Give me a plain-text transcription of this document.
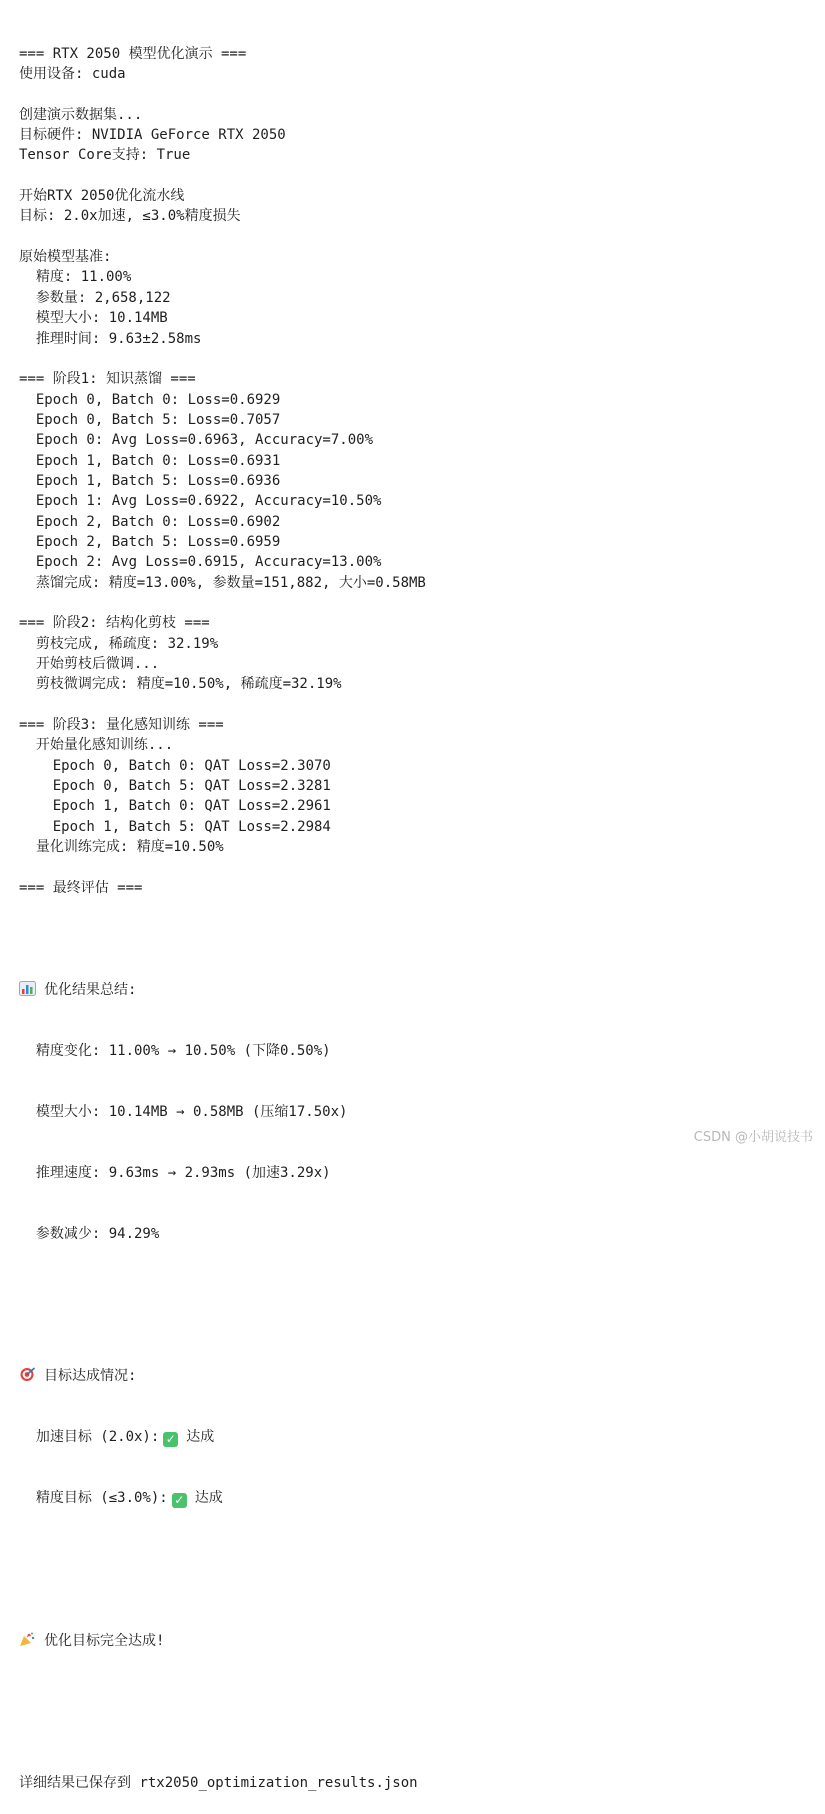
=== RTX 2050 模型优化演示 ===
使用设备: cuda
创建演示数据集...
目标硬件: NVIDIA GeForce RTX 2050
Tensor Core支持: True
开始RTX 2050优化流水线
目标: 2.0x加速, ≤3.0%精度损失
原始模型基准:
精度: 11.00%
参数量: 2,658,122
模型大小: 10.14MB
推理时间: 9.63±2.58ms
=== 阶段1: 知识蒸馏 ===
Epoch 0, Batch 0: Loss=0.6929
Epoch 0, Batch 5: Loss=0.7057
Epoch 0: Avg Loss=0.6963, Accuracy=7.00%
Epoch 1, Batch 0: Loss=0.6931
Epoch 1, Batch 5: Loss=0.6936
Epoch 1: Avg Loss=0.6922, Accuracy=10.50%
Epoch 2, Batch 0: Loss=0.6902
Epoch 2, Batch 5: Loss=0.6959
Epoch 2: Avg Loss=0.6915, Accuracy=13.00%
蒸馏完成: 精度=13.00%, 参数量=151,882, 大小=0.58MB
=== 阶段2: 结构化剪枝 ===
剪枝完成, 稀疏度: 32.19%
开始剪枝后微调...
剪枝微调完成: 精度=10.50%, 稀疏度=32.19%
=== 阶段3: 量化感知训练 ===
开始量化感知训练...
Epoch 0, Batch 0: QAT Loss=2.3070
Epoch 0, Batch 5: QAT Loss=2.3281
Epoch 1, Batch 0: QAT Loss=2.2961
Epoch 1, Batch 5: QAT Loss=2.2984
量化训练完成: 精度=10.50%
=== 最终评估 ===

优化结果总结:

精度变化: 11.00% → 10.50% (下降0.50%)

模型大小: 10.14MB → 0.58MB (压缩17.50x)

推理速度: 9.63ms → 2.93ms (加速3.29x)

参数减少: 94.29%

目标达成情况:

加速目标 (2.0x): ✓ 达成

精度目标 (≤3.0%): ✓ 达成

优化目标完全达成!

详细结果已保存到 rtx2050_optimization_results.json

CSDN @小胡说技书
